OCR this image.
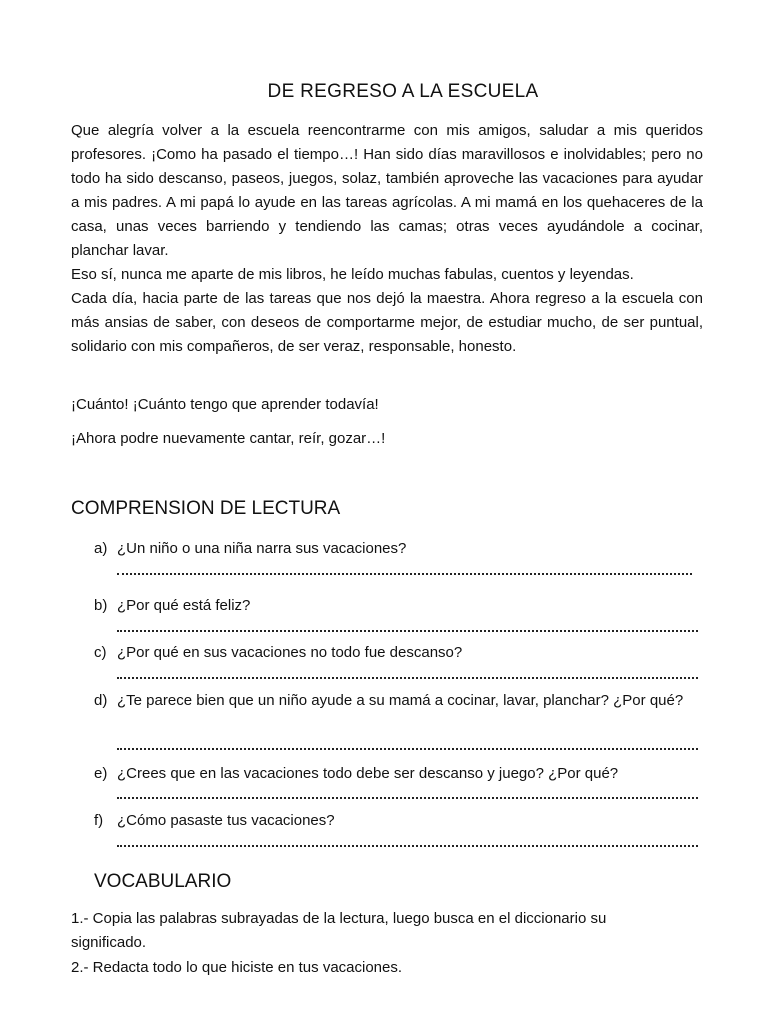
DE REGRESO A LA ESCUELA
Que alegría volver a la escuela reencontrarme con mis amigos, saludar a mis queridos profesores. ¡Como ha pasado el tiempo…! Han sido días maravillosos e inolvidables; pero no todo ha sido descanso, paseos, juegos, solaz, también aproveche las vacaciones para ayudar a mis padres. A mi papá lo ayude en las tareas agrícolas. A mi mamá en los quehaceres de la casa, unas veces barriendo y tendiendo las camas; otras veces ayudándole a cocinar, planchar lavar.
Eso sí, nunca me aparte de mis libros, he leído muchas fabulas, cuentos y leyendas.
Cada día, hacia parte de las tareas que nos dejó la maestra. Ahora regreso a la escuela con más ansias de saber, con deseos de comportarme mejor, de estudiar mucho, de ser puntual, solidario con mis compañeros, de ser veraz, responsable, honesto.
¡Cuánto! ¡Cuánto tengo que aprender todavía!
¡Ahora podre nuevamente cantar, reír, gozar…!
COMPRENSION DE LECTURA
a) ¿Un niño o una niña narra sus vacaciones?
b) ¿Por qué está feliz?
c) ¿Por qué en sus vacaciones no todo fue descanso?
d) ¿Te parece bien que un niño ayude a su mamá a cocinar, lavar, planchar? ¿Por qué?
e) ¿Crees que en las vacaciones todo debe ser descanso y juego? ¿Por qué?
f) ¿Cómo pasaste tus vacaciones?
VOCABULARIO
1.- Copia las palabras subrayadas de la lectura, luego busca en el diccionario su significado.
2.- Redacta todo lo que hiciste en tus vacaciones.
